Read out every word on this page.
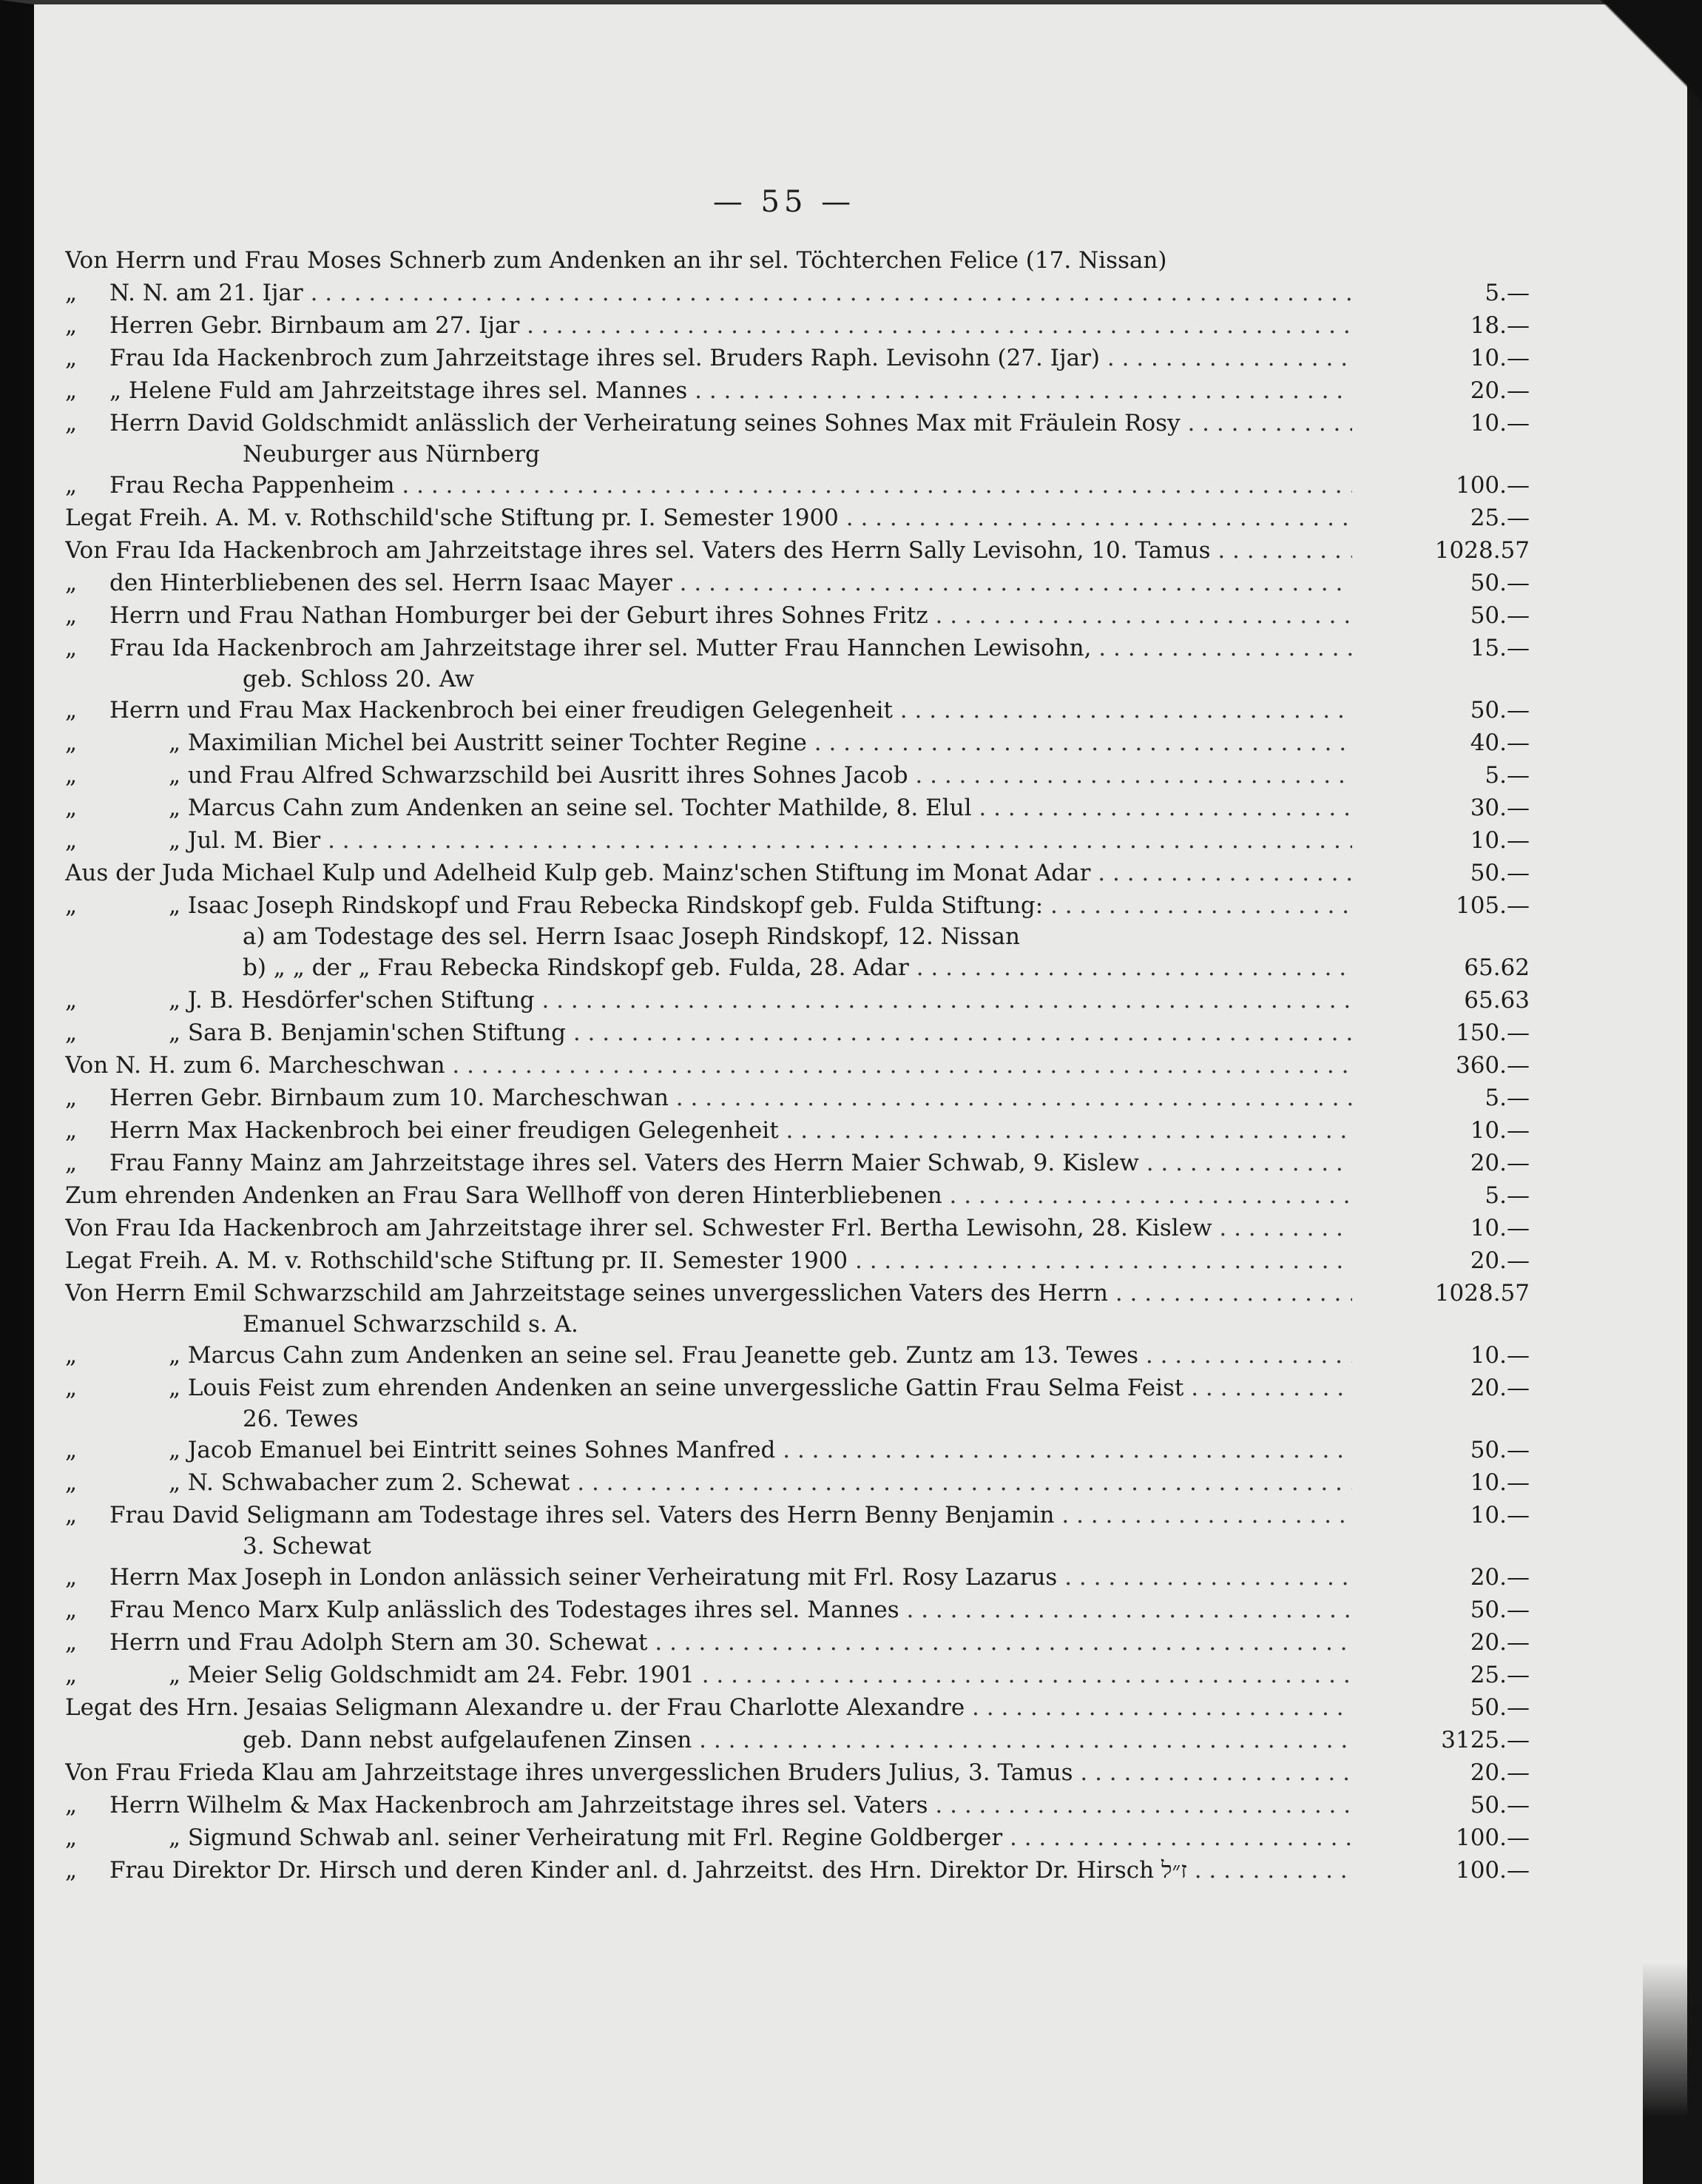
— 55 —
Von Herrn und Frau Moses Schnerb zum Andenken an ihr sel. Töchterchen Felice (17. Nissan)
„	N. N. am 21. Ijar . . .	5.—
„	Herren Gebr. Birnbaum am 27. Ijar . . .	18.—
„	Frau Ida Hackenbroch zum Jahrzeitstage ihres sel. Bruders Raph. Levisohn (27. Ijar) . . .	10.—
„	„ Helene Fuld am Jahrzeitstage ihres sel. Mannes . . .	20.—
„	Herrn David Goldschmidt anlässlich der Verheiratung seines Sohnes Max mit Fräulein Rosy . . .	10.—
Neuburger aus Nürnberg
„	Frau Recha Pappenheim . . .	100.—
Legat Freih. A. M. v. Rothschild'sche Stiftung pr. I. Semester 1900 . . .	25.—
Von Frau Ida Hackenbroch am Jahrzeitstage ihres sel. Vaters des Herrn Sally Levisohn, 10. Tamus . . .	1028.57
„	den Hinterbliebenen des sel. Herrn Isaac Mayer . . .	50.—
„	Herrn und Frau Nathan Homburger bei der Geburt ihres Sohnes Fritz . . .	50.—
„	Frau Ida Hackenbroch am Jahrzeitstage ihrer sel. Mutter Frau Hannchen Lewisohn, . . .	15.—
geb. Schloss 20. Aw
„	Herrn und Frau Max Hackenbroch bei einer freudigen Gelegenheit . . .	50.—
„	„ Maximilian Michel bei Austritt seiner Tochter Regine . . .	40.—
„	„ und Frau Alfred Schwarzschild bei Ausritt ihres Sohnes Jacob . . .	5.—
„	„ Marcus Cahn zum Andenken an seine sel. Tochter Mathilde, 8. Elul . . .	30.—
„	„ Jul. M. Bier . . .	10.—
Aus der Juda Michael Kulp und Adelheid Kulp geb. Mainz'schen Stiftung im Monat Adar . . .	50.—
„	„ Isaac Joseph Rindskopf und Frau Rebecka Rindskopf geb. Fulda Stiftung: . . .	105.—
a) am Todestage des sel. Herrn Isaac Joseph Rindskopf, 12. Nissan
b) „ „ der „ Frau Rebecka Rindskopf geb. Fulda, 28. Adar . . .	65.62
„	„ J. B. Hesdörfer'schen Stiftung . . .	65.63
„	„ Sara B. Benjamin'schen Stiftung . . .	150.—
Von N. H. zum 6. Marcheschwan . . .	360.—
„	Herren Gebr. Birnbaum zum 10. Marcheschwan . . .	5.—
„	Herrn Max Hackenbroch bei einer freudigen Gelegenheit . . .	10.—
„	Frau Fanny Mainz am Jahrzeitstage ihres sel. Vaters des Herrn Maier Schwab, 9. Kislew . . .	20.—
Zum ehrenden Andenken an Frau Sara Wellhoff von deren Hinterbliebenen . . .	5.—
Von Frau Ida Hackenbroch am Jahrzeitstage ihrer sel. Schwester Frl. Bertha Lewisohn, 28. Kislew . . .	10.—
Legat Freih. A. M. v. Rothschild'sche Stiftung pr. II. Semester 1900 . . .	20.—
Von Herrn Emil Schwarzschild am Jahrzeitstage seines unvergesslichen Vaters des Herrn . . .	1028.57
Emanuel Schwarzschild s. A.
„	„ Marcus Cahn zum Andenken an seine sel. Frau Jeanette geb. Zuntz am 13. Tewes . . .	10.—
„	„ Louis Feist zum ehrenden Andenken an seine unvergessliche Gattin Frau Selma Feist . . .	20.—
26. Tewes
„	„ Jacob Emanuel bei Eintritt seines Sohnes Manfred . . .	50.—
„	„ N. Schwabacher zum 2. Schewat . . .	10.—
„	Frau David Seligmann am Todestage ihres sel. Vaters des Herrn Benny Benjamin . . .	10.—
3. Schewat
„	Herrn Max Joseph in London anlässich seiner Verheiratung mit Frl. Rosy Lazarus . . .	20.—
„	Frau Menco Marx Kulp anlässlich des Todestages ihres sel. Mannes . . .	50.—
„	Herrn und Frau Adolph Stern am 30. Schewat . . .	20.—
„	„ Meier Selig Goldschmidt am 24. Febr. 1901 . . .	25.—
Legat des Hrn. Jesaias Seligmann Alexandre u. der Frau Charlotte Alexandre . . .	50.—
geb. Dann nebst aufgelaufenen Zinsen . . .	3125.—
Von Frau Frieda Klau am Jahrzeitstage ihres unvergesslichen Bruders Julius, 3. Tamus . . .	20.—
„	Herrn Wilhelm & Max Hackenbroch am Jahrzeitstage ihres sel. Vaters . . .	50.—
„	„ Sigmund Schwab anl. seiner Verheiratung mit Frl. Regine Goldberger . . .	100.—
„	Frau Direktor Dr. Hirsch und deren Kinder anl. d. Jahrzeitst. des Hrn. Direktor Dr. Hirsch ז״ל . . .	100.—
